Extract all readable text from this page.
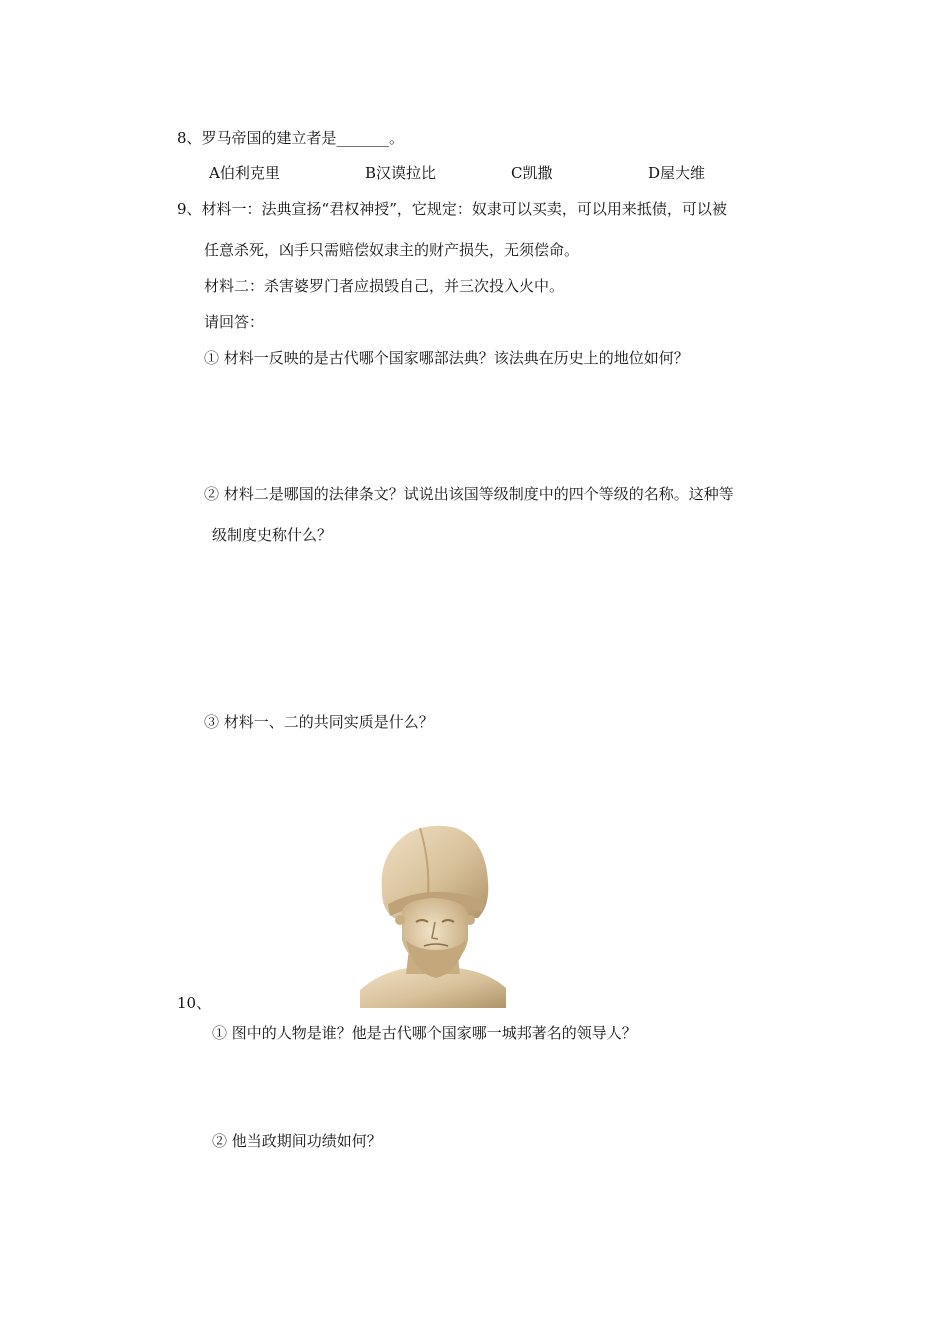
8、罗马帝国的建立者是_______。
A伯利克里	B汉谟拉比	C凯撒	D屋大维
9、材料一：法典宣扬“君权神授”，它规定：奴隶可以买卖，可以用来抵债，可以被
任意杀死，凶手只需赔偿奴隶主的财产损失，无须偿命。
材料二：杀害婆罗门者应损毁自己，并三次投入火中。
请回答：
① 材料一反映的是古代哪个国家哪部法典？该法典在历史上的地位如何？
② 材料二是哪国的法律条文？试说出该国等级制度中的四个等级的名称。这种等
级制度史称什么？
③ 材料一、二的共同实质是什么？
10、
① 图中的人物是谁？他是古代哪个国家哪一城邦著名的领导人？
② 他当政期间功绩如何？
